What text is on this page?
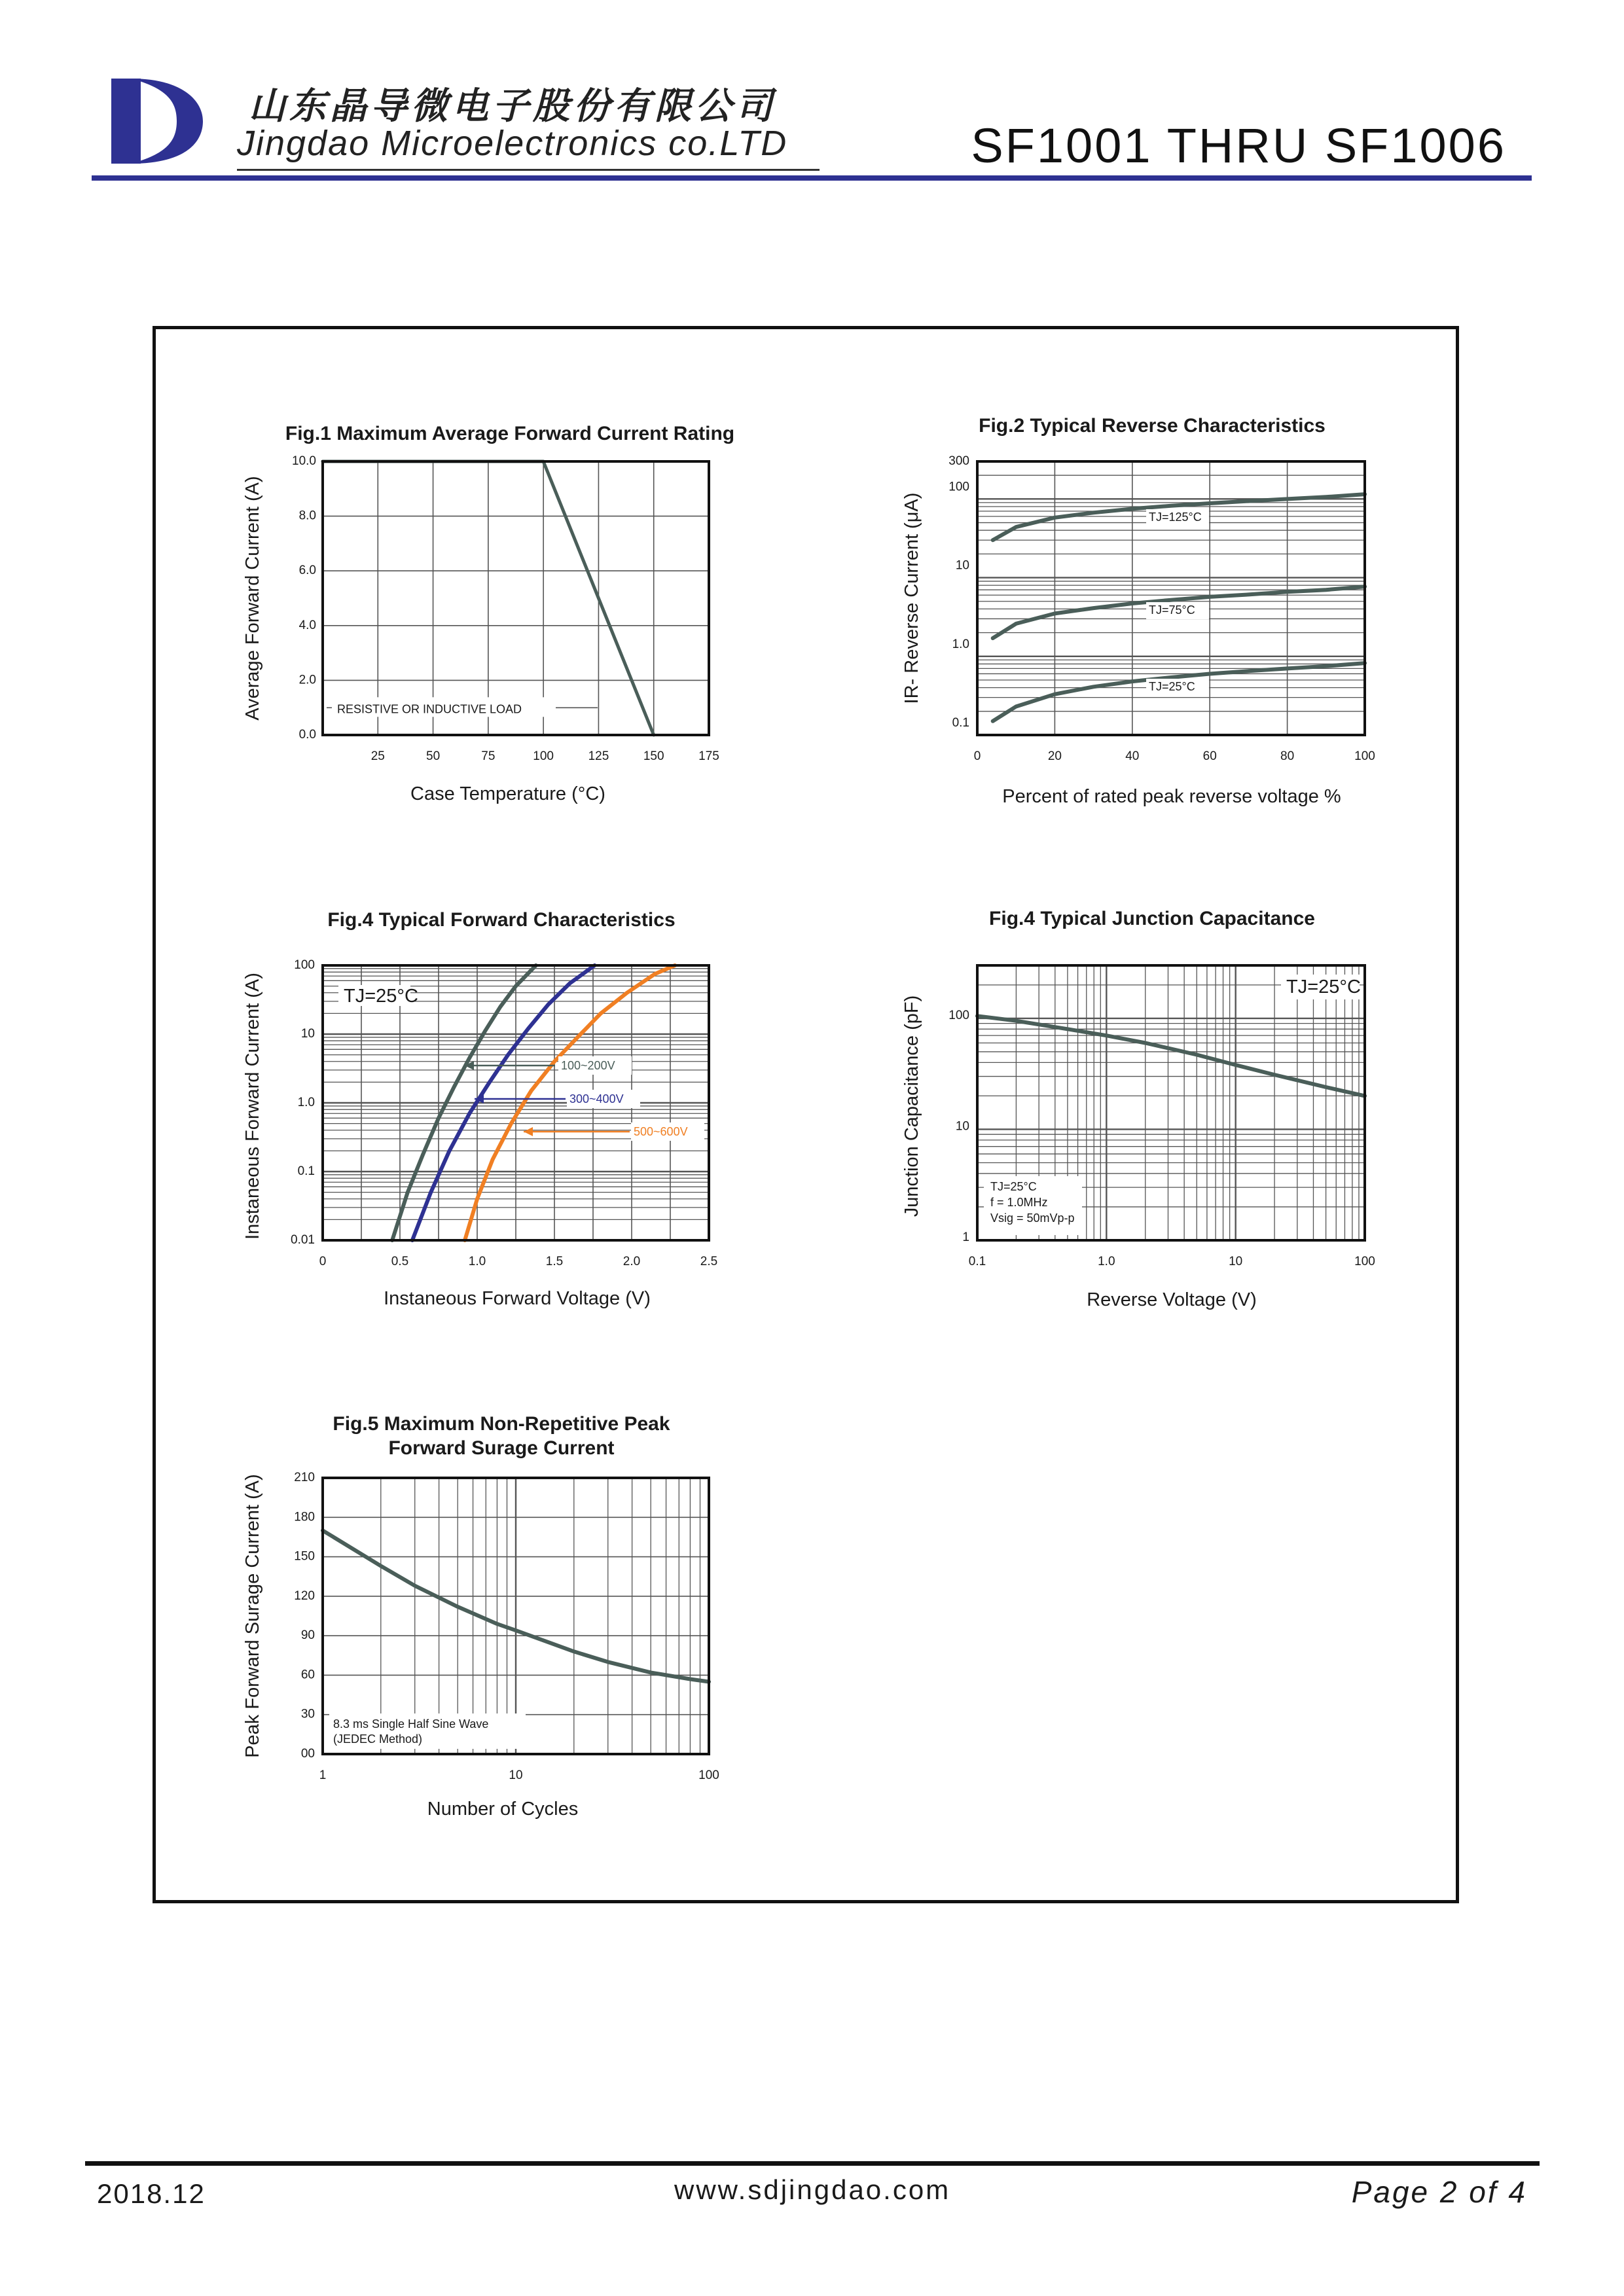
山东晶导微电子股份有限公司
Jingdao Microelectronics co.LTD	SF1001 THRU SF1006
Fig.1 Maximum Average Forward Current Rating
RESISTIVE OR INDUCTIVE LOAD
25	50	75	100	125	150	175
0.0
2.0
4.0
6.0
8.0
10.0
Average Forward Current (A)
Case Temperature (°C)
Fig.2 Typical Reverse Characteristics
TJ=125°C
TJ=75°C
TJ=25°C
0	20	40	60	80	100
0.1
1.0
10
100
300
IR- Reverse Current (μA)
Percent of rated peak reverse voltage %
Fig.4 Typical Forward Characteristics
TJ=25°C
100~200V
300~400V
500~600V
0	0.5	1.0	1.5	2.0	2.5
0.01
0.1
1.0
10
100
Instaneous Forward Current (A)
Instaneous Forward Voltage (V)
Fig.4 Typical Junction Capacitance
TJ=25°C
TJ=25°C
f = 1.0MHz
Vsig = 50mVp-p
0.1	1.0	10	100
1
10
100
Junction Capacitance (pF)
Reverse Voltage (V)
Fig.5 Maximum Non-Repetitive Peak
Forward Surage Current
8.3 ms Single Half Sine Wave
(JEDEC Method)
1	10	100
00
30
60
90
120
150
180
210
Peak Forward Surage Current (A)
Number of Cycles
2018.12	www.sdjingdao.com	Page 2 of 4
